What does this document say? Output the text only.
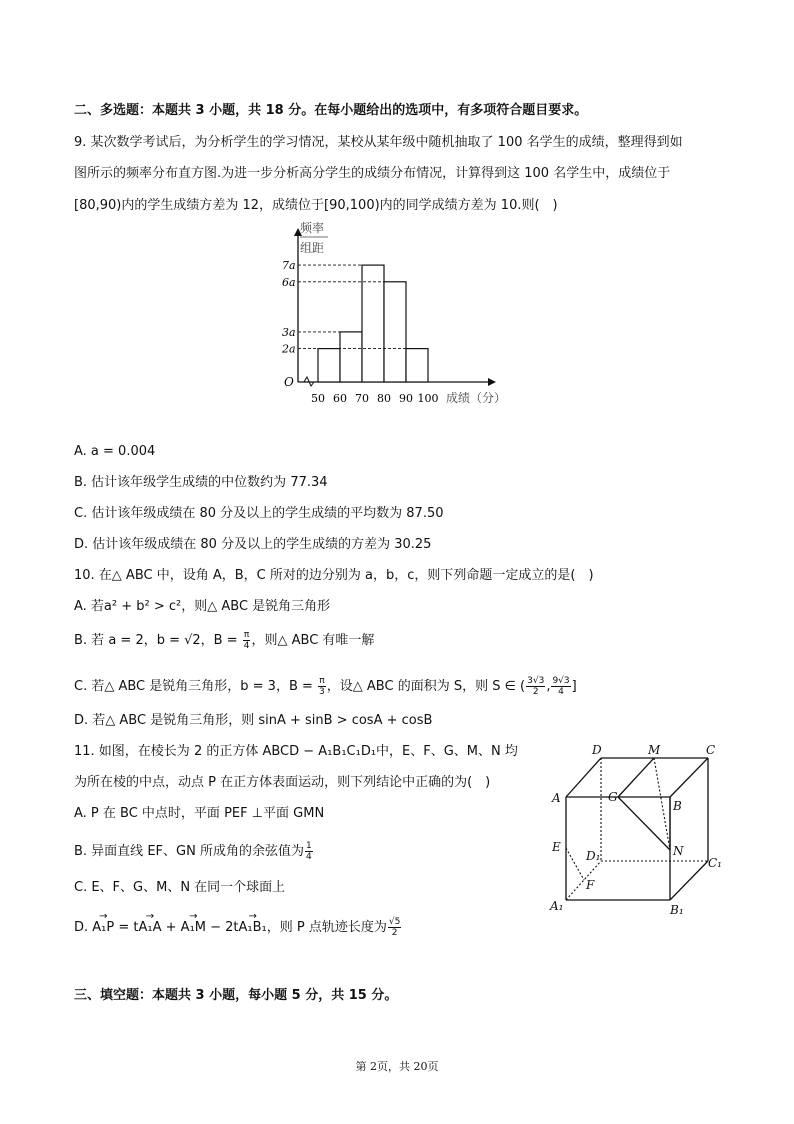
二、多选题：本题共 3 小题，共 18 分。在每小题给出的选项中，有多项符合题目要求。
9. 某次数学考试后，为分析学生的学习情况，某校从某年级中随机抽取了 100 名学生的成绩，整理得到如
图所示的频率分布直方图.为进一步分析高分学生的成绩分布情况，计算得到这 100 名学生中，成绩位于
[80,90)内的学生成绩方差为 12，成绩位于[90,100)内的同学成绩方差为 10.则(　)
O
频率
组距
7a
6a
3a
2a
50 60 70 80 90 100 成绩（分）
A. a = 0.004
B. 估计该年级学生成绩的中位数约为 77.34
C. 估计该年级成绩在 80 分及以上的学生成绩的平均数为 87.50
D. 估计该年级成绩在 80 分及以上的学生成绩的方差为 30.25
10. 在△ ABC 中，设角 A，B，C 所对的边分别为 a，b，c，则下列命题一定成立的是(　)
A. 若a² + b² > c²，则△ ABC 是锐角三角形
B. 若 a = 2，b = √2，$B = \frac{\pi}{4}$ ，则△ ABC 有唯一解
C. 若△ ABC 是锐角三角形，b = 3，$B = \frac{\pi}{3}$ ，设△ ABC 的面积为 S，则 S ∈ ( $\frac{3√3}{2}$ , $\frac{9√3}{4}$ ]
D. 若△ ABC 是锐角三角形，则 sinA + sinB > cosA + cosB
11. 如图，在棱长为 2 的正方体 ABCD − A₁B₁C₁D₁中，E、F、G、M、N 均
为所在棱的中点，动点 P 在正方体表面运动，则下列结论中正确的为(　)
A. P 在 BC 中点时，平面 PEF ⊥平面 GMN
B. 异面直线 EF、GN 所成角的余弦值为 $\frac{1}{4}$
C. E、F、G、M、N 在同一个球面上
D. → A₁P = t→ A₁A + → A₁M − 2t→ A₁B₁，则 P 点轨迹长度为 $\frac{√5}{2}$
D	M	C
A	G
B
E
D₁	N
C₁
F
A₁	B₁
三、填空题：本题共 3 小题，每小题 5 分，共 15 分。
第 2页，共 20页
